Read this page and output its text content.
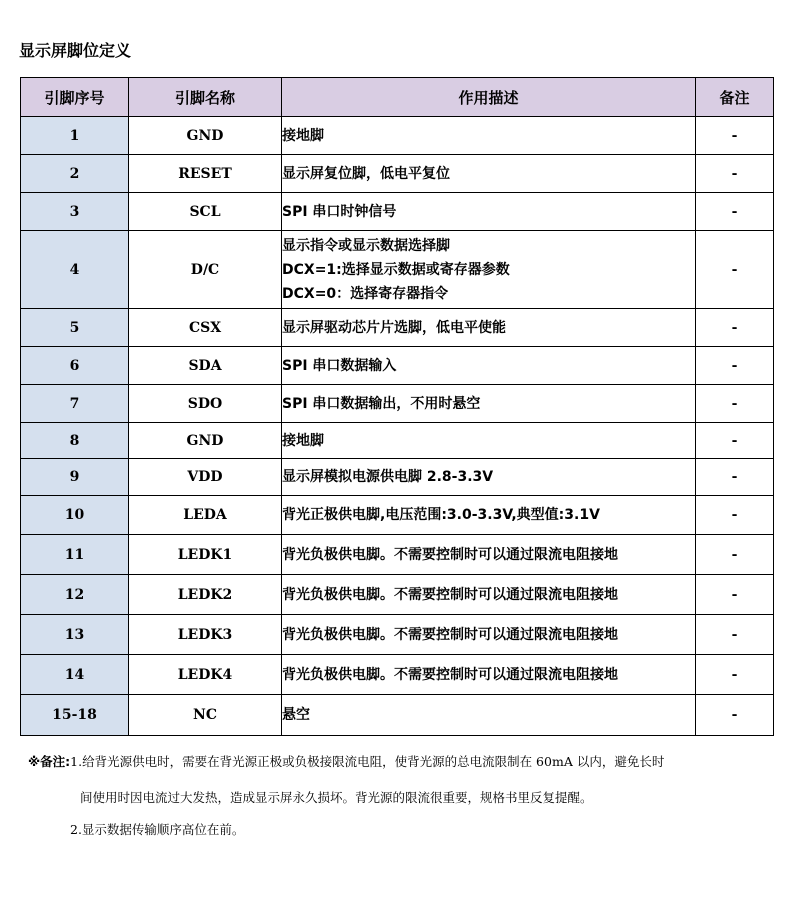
显示屏脚位定义
引脚序号	引脚名称	作用描述	备注
1	GND	接地脚	-
2	RESET	显示屏复位脚，低电平复位	-
3	SCL	SPI 串口时钟信号	-
4	D/C	显示指令或显示数据选择脚
DCX=1:选择显示数据或寄存器参数
DCX=0：选择寄存器指令	-
5	CSX	显示屏驱动芯片片选脚，低电平使能	-
6	SDA	SPI 串口数据输入	-
7	SDO	SPI 串口数据输出，不用时悬空	-
8	GND	接地脚	-
9	VDD	显示屏模拟电源供电脚 2.8-3.3V	-
10	LEDA	背光正极供电脚,电压范围:3.0-3.3V,典型值:3.1V	-
11	LEDK1	背光负极供电脚。不需要控制时可以通过限流电阻接地	-
12	LEDK2	背光负极供电脚。不需要控制时可以通过限流电阻接地	-
13	LEDK3	背光负极供电脚。不需要控制时可以通过限流电阻接地	-
14	LEDK4	背光负极供电脚。不需要控制时可以通过限流电阻接地	-
15-18	NC	悬空	-
※备注:1.给背光源供电时，需要在背光源正极或负极接限流电阻，使背光源的总电流限制在 60mA 以内，避免长时
间使用时因电流过大发热，造成显示屏永久损坏。背光源的限流很重要，规格书里反复提醒。
2.显示数据传输顺序高位在前。
